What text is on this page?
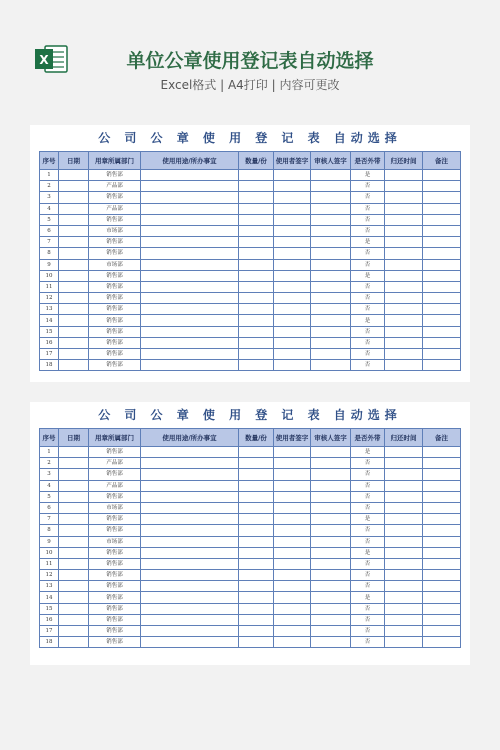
X	单位公章使用登记表自动选择
Excel格式 | A4打印 | 内容可更改
公 司 公 章 使 用 登 记 表 自动选择
序号	日期	用章所属部门	使用用途/所办事宜	数量/份	使用者签字	审核人签字	是否外带	归还时间	备注
1		销售部					是		
2		产品部					否		
3		销售部					否		
4		产品部					否		
5		销售部					否		
6		市场部					否		
7		销售部					是		
8		销售部					否		
9		市场部					否		
10		销售部					是		
11		销售部					否		
12		销售部					否		
13		销售部					否		
14		销售部					是		
15		销售部					否		
16		销售部					否		
17		销售部					否		
18		销售部					否		
公 司 公 章 使 用 登 记 表 自动选择
序号	日期	用章所属部门	使用用途/所办事宜	数量/份	使用者签字	审核人签字	是否外带	归还时间	备注
1		销售部					是		
2		产品部					否		
3		销售部					否		
4		产品部					否		
5		销售部					否		
6		市场部					否		
7		销售部					是		
8		销售部					否		
9		市场部					否		
10		销售部					是		
11		销售部					否		
12		销售部					否		
13		销售部					否		
14		销售部					是		
15		销售部					否		
16		销售部					否		
17		销售部					否		
18		销售部					否		
